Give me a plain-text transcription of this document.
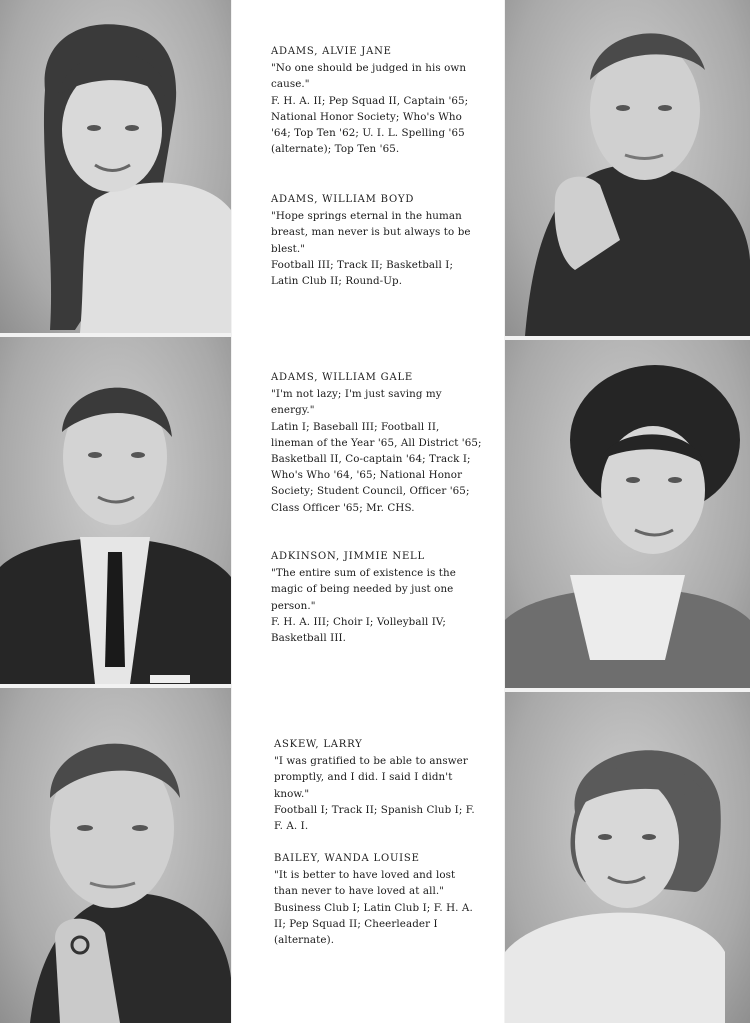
ADAMS, ALVIE JANE
"No one should be judged in his own cause."
F. H. A. II; Pep Squad II, Captain '65; National Honor Society; Who's Who '64; Top Ten '62; U. I. L. Spelling '65 (alternate); Top Ten '65.
ADAMS, WILLIAM BOYD
"Hope springs eternal in the human breast, man never is but always to be blest."
Football III; Track II; Basketball I; Latin Club II; Round-Up.
ADAMS, WILLIAM GALE
"I'm not lazy; I'm just saving my energy."
Latin I; Baseball III; Football II, lineman of the Year '65, All District '65; Basketball II, Co-captain '64; Track I; Who's Who '64, '65; National Honor Society; Student Council, Officer '65; Class Officer '65; Mr. CHS.
ADKINSON, JIMMIE NELL
"The entire sum of existence is the magic of being needed by just one person."
F. H. A. III; Choir I; Volleyball IV; Basketball III.
ASKEW, LARRY
"I was gratified to be able to answer promptly, and I did. I said I didn't know."
Football I; Track II; Spanish Club I; F. F. A. I.
BAILEY, WANDA LOUISE
"It is better to have loved and lost than never to have loved at all."
Business Club I; Latin Club I; F. H. A. II; Pep Squad II; Cheerleader I (alternate).
